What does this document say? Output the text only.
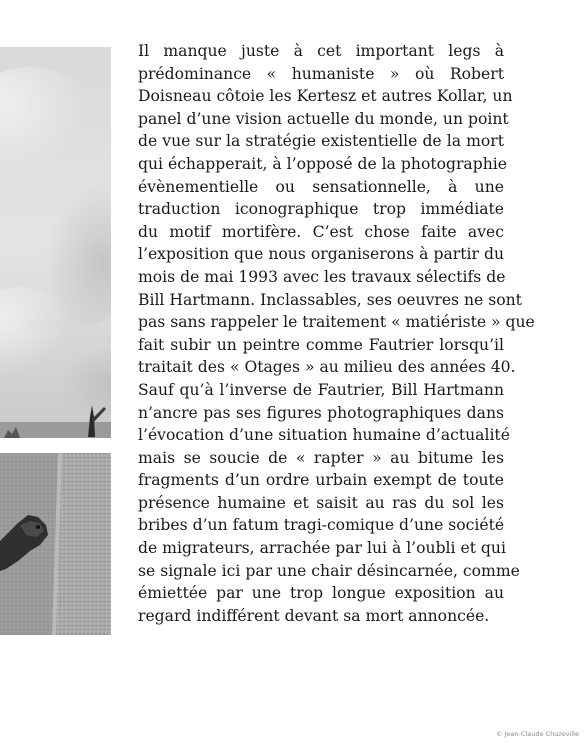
Il manque juste à cet important legs à
prédominance « humaniste » où Robert
Doisneau côtoie les Kertesz et autres Kollar, un
panel d’une vision actuelle du monde, un point
de vue sur la stratégie existentielle de la mort
qui échapperait, à l’opposé de la photographie
évènementielle ou sensationnelle, à une
traduction iconographique trop immédiate
du motif mortifère. C’est chose faite avec
l’exposition que nous organiserons à partir du
mois de mai 1993 avec les travaux sélectifs de
Bill Hartmann. Inclassables, ses oeuvres ne sont
pas sans rappeler le traitement « matiériste » que
fait subir un peintre comme Fautrier lorsqu’il
traitait des « Otages » au milieu des années 40.
Sauf qu’à l’inverse de Fautrier, Bill Hartmann
n’ancre pas ses figures photographiques dans
l’évocation d’une situation humaine d’actualité
mais se soucie de « rapter » au bitume les
fragments d’un ordre urbain exempt de toute
présence humaine et saisit au ras du sol les
bribes d’un fatum tragi-comique d’une société
de migrateurs, arrachée par lui à l’oubli et qui
se signale ici par une chair désincarnée, comme
émiettée par une trop longue exposition au
regard indifférent devant sa mort annoncée.

© Jean-Claude Chuzeville
